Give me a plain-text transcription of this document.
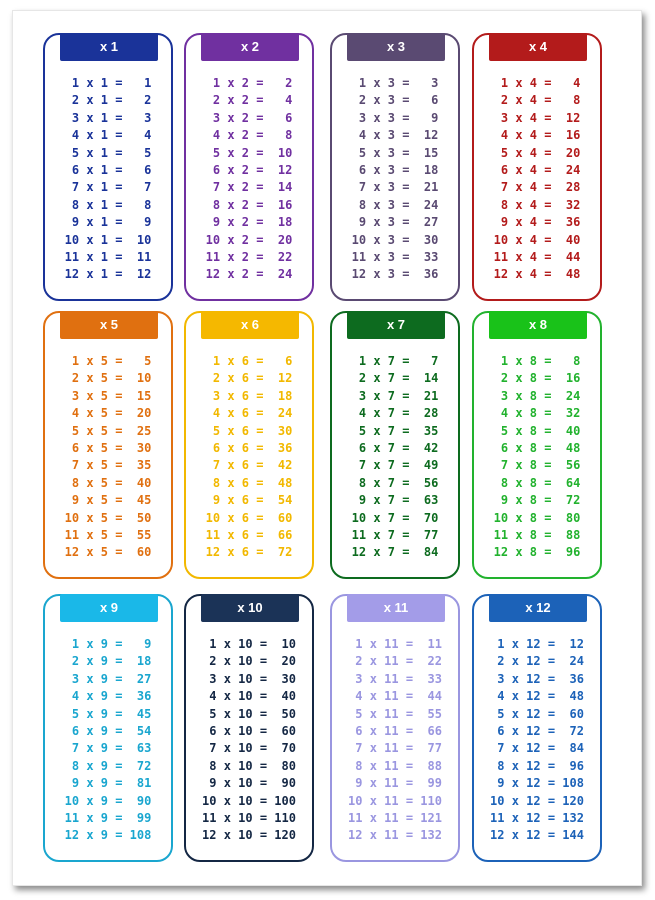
x 1
1 x 1 =   1
2 x 1 =   2
3 x 1 =   3
4 x 1 =   4
5 x 1 =   5
6 x 1 =   6
7 x 1 =   7
8 x 1 =   8
9 x 1 =   9
10 x 1 =  10
11 x 1 =  11
12 x 1 =  12
x 2
1 x 2 =   2
2 x 2 =   4
3 x 2 =   6
4 x 2 =   8
5 x 2 =  10
6 x 2 =  12
7 x 2 =  14
8 x 2 =  16
9 x 2 =  18
10 x 2 =  20
11 x 2 =  22
12 x 2 =  24
x 3
1 x 3 =   3
2 x 3 =   6
3 x 3 =   9
4 x 3 =  12
5 x 3 =  15
6 x 3 =  18
7 x 3 =  21
8 x 3 =  24
9 x 3 =  27
10 x 3 =  30
11 x 3 =  33
12 x 3 =  36
x 4
1 x 4 =   4
2 x 4 =   8
3 x 4 =  12
4 x 4 =  16
5 x 4 =  20
6 x 4 =  24
7 x 4 =  28
8 x 4 =  32
9 x 4 =  36
10 x 4 =  40
11 x 4 =  44
12 x 4 =  48
x 5
1 x 5 =   5
2 x 5 =  10
3 x 5 =  15
4 x 5 =  20
5 x 5 =  25
6 x 5 =  30
7 x 5 =  35
8 x 5 =  40
9 x 5 =  45
10 x 5 =  50
11 x 5 =  55
12 x 5 =  60
x 6
1 x 6 =   6
2 x 6 =  12
3 x 6 =  18
4 x 6 =  24
5 x 6 =  30
6 x 6 =  36
7 x 6 =  42
8 x 6 =  48
9 x 6 =  54
10 x 6 =  60
11 x 6 =  66
12 x 6 =  72
x 7
1 x 7 =   7
2 x 7 =  14
3 x 7 =  21
4 x 7 =  28
5 x 7 =  35
6 x 7 =  42
7 x 7 =  49
8 x 7 =  56
9 x 7 =  63
10 x 7 =  70
11 x 7 =  77
12 x 7 =  84
x 8
1 x 8 =   8
2 x 8 =  16
3 x 8 =  24
4 x 8 =  32
5 x 8 =  40
6 x 8 =  48
7 x 8 =  56
8 x 8 =  64
9 x 8 =  72
10 x 8 =  80
11 x 8 =  88
12 x 8 =  96
x 9
1 x 9 =   9
2 x 9 =  18
3 x 9 =  27
4 x 9 =  36
5 x 9 =  45
6 x 9 =  54
7 x 9 =  63
8 x 9 =  72
9 x 9 =  81
10 x 9 =  90
11 x 9 =  99
12 x 9 = 108
x 10
1 x 10 =  10
2 x 10 =  20
3 x 10 =  30
4 x 10 =  40
5 x 10 =  50
6 x 10 =  60
7 x 10 =  70
8 x 10 =  80
9 x 10 =  90
10 x 10 = 100
11 x 10 = 110
12 x 10 = 120
x 11
1 x 11 =  11
2 x 11 =  22
3 x 11 =  33
4 x 11 =  44
5 x 11 =  55
6 x 11 =  66
7 x 11 =  77
8 x 11 =  88
9 x 11 =  99
10 x 11 = 110
11 x 11 = 121
12 x 11 = 132
x 12
1 x 12 =  12
2 x 12 =  24
3 x 12 =  36
4 x 12 =  48
5 x 12 =  60
6 x 12 =  72
7 x 12 =  84
8 x 12 =  96
9 x 12 = 108
10 x 12 = 120
11 x 12 = 132
12 x 12 = 144
